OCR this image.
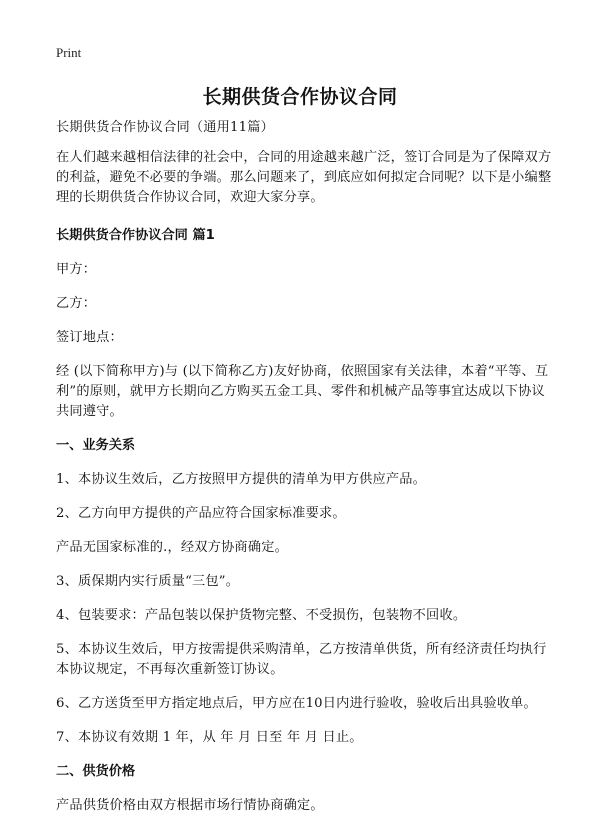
Print
长期供货合作协议合同

长期供货合作协议合同（通用11篇）

在人们越来越相信法律的社会中，合同的用途越来越广泛，签订合同是为了保障双方的利益，避免不必要的争端。那么问题来了，到底应如何拟定合同呢？以下是小编整理的长期供货合作协议合同，欢迎大家分享。

长期供货合作协议合同 篇1

甲方：

乙方：

签订地点：

经 (以下简称甲方)与 (以下简称乙方)友好协商，依照国家有关法律，本着“平等、互利”的原则，就甲方长期向乙方购买五金工具、零件和机械产品等事宜达成以下协议共同遵守。

一、业务关系

1、本协议生效后，乙方按照甲方提供的清单为甲方供应产品。

2、乙方向甲方提供的产品应符合国家标准要求。

产品无国家标准的.，经双方协商确定。

3、质保期内实行质量“三包”。

4、包装要求：产品包装以保护货物完整、不受损伤，包装物不回收。

5、本协议生效后，甲方按需提供采购清单，乙方按清单供货，所有经济责任均执行本协议规定，不再每次重新签订协议。

6、乙方送货至甲方指定地点后，甲方应在10日内进行验收，验收后出具验收单。

7、本协议有效期 1 年，从 年 月 日至 年 月 日止。

二、供货价格

产品供货价格由双方根据市场行情协商确定。
